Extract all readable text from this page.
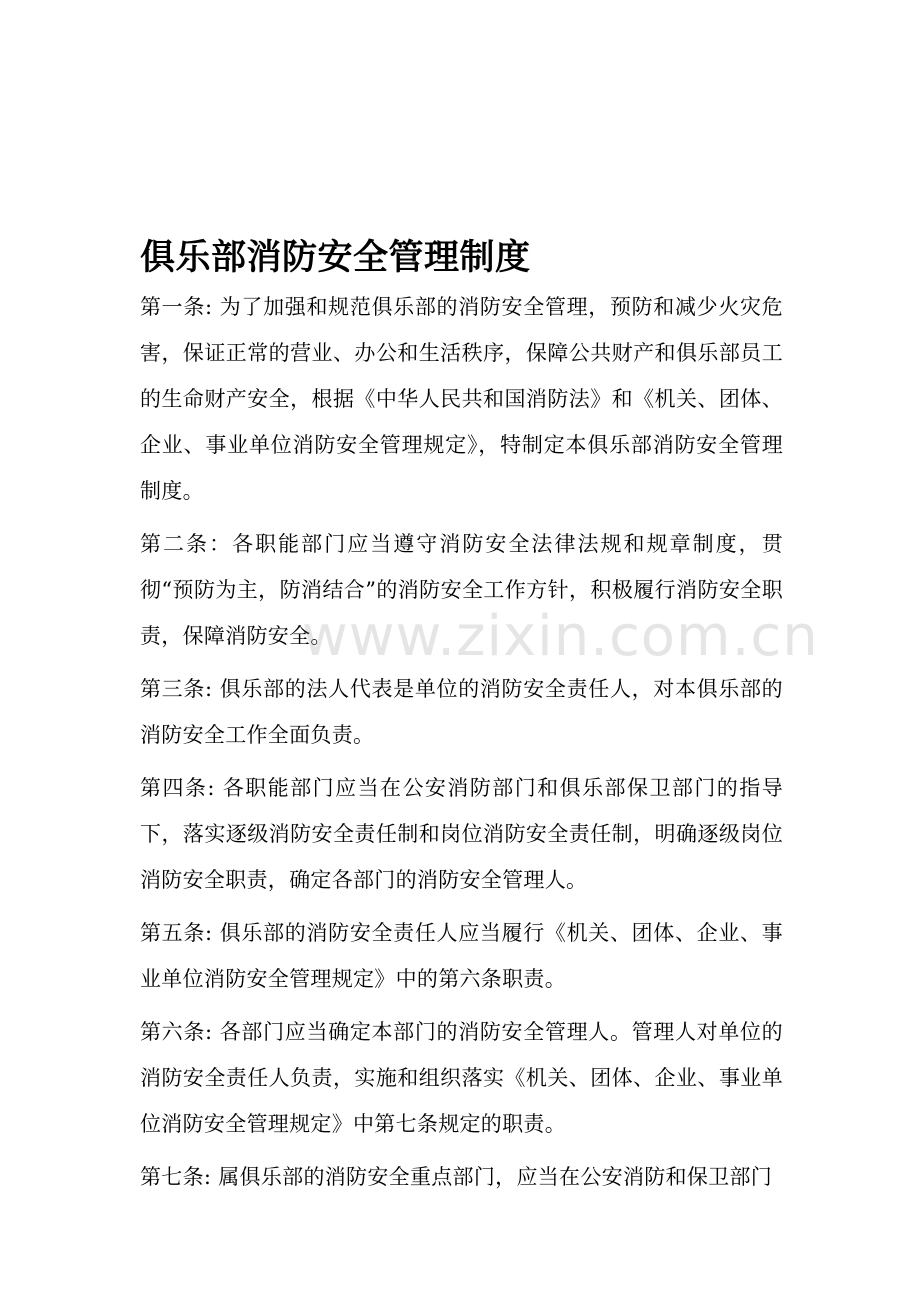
俱乐部消防安全管理制度

第一条: 为了加强和规范俱乐部的消防安全管理，预防和减少火灾危害，保证正常的营业、办公和生活秩序，保障公共财产和俱乐部员工的生命财产安全，根据《中华人民共和国消防法》和《机关、团体、企业、事业单位消防安全管理规定》，特制定本俱乐部消防安全管理制度。

第二条：各职能部门应当遵守消防安全法律法规和规章制度，贯彻“预防为主，防消结合”的消防安全工作方针，积极履行消防安全职责，保障消防安全。

第三条: 俱乐部的法人代表是单位的消防安全责任人，对本俱乐部的消防安全工作全面负责。

第四条: 各职能部门应当在公安消防部门和俱乐部保卫部门的指导下，落实逐级消防安全责任制和岗位消防安全责任制，明确逐级岗位消防安全职责，确定各部门的消防安全管理人。

第五条: 俱乐部的消防安全责任人应当履行《机关、团体、企业、事业单位消防安全管理规定》中的第六条职责。

第六条: 各部门应当确定本部门的消防安全管理人。管理人对单位的消防安全责任人负责，实施和组织落实《机关、团体、企业、事业单位消防安全管理规定》中第七条规定的职责。

第七条: 属俱乐部的消防安全重点部门，应当在公安消防和保卫部门

www.zixin.com.cn
